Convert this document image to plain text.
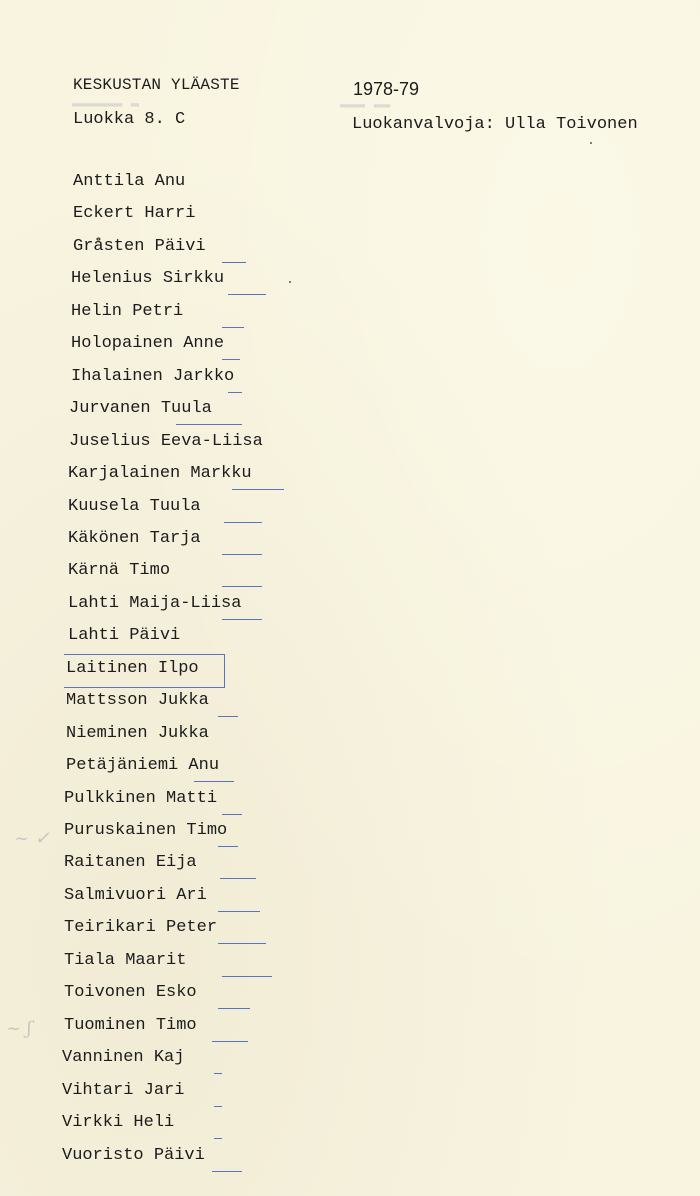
KESKUSTAN YLÄASTE
Luokka 8. C
1978-79
Luokanvalvoja: Ulla Toivonen
~ ✓
~ ʃ
Anttila Anu
Eckert Harri
Gråsten Päivi
Helenius Sirkku
Helin Petri
Holopainen Anne
Ihalainen Jarkko
Jurvanen Tuula
Juselius Eeva-Liisa
Karjalainen Markku
Kuusela Tuula
Käkönen Tarja
Kärnä Timo
Lahti Maija-Liisa
Lahti Päivi
Laitinen Ilpo
Mattsson Jukka
Nieminen Jukka
Petäjäniemi Anu
Pulkkinen Matti
Puruskainen Timo
Raitanen Eija
Salmivuori Ari
Teirikari Peter
Tiala Maarit
Toivonen Esko
Tuominen Timo
Vanninen Kaj
Vihtari Jari
Virkki Heli
Vuoristo Päivi
